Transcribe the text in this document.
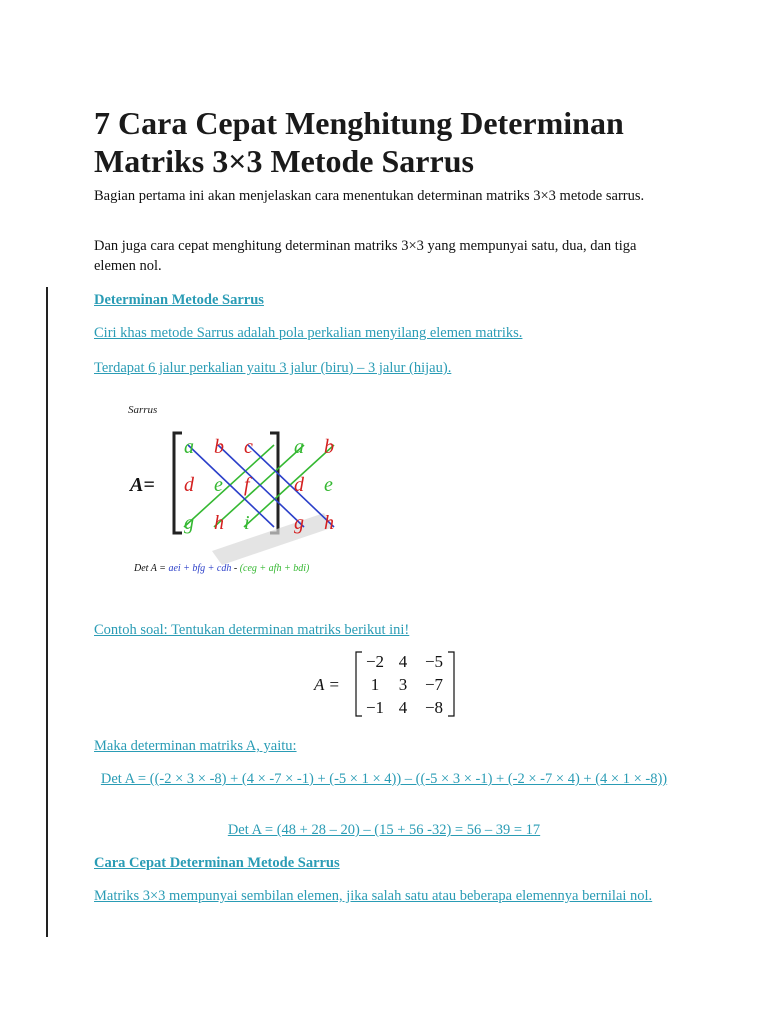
7 Cara Cepat Menghitung Determinan Matriks 3×3 Metode Sarrus

Bagian pertama ini akan menjelaskan cara menentukan determinan matriks 3×3 metode sarrus.

Dan juga cara cepat menghitung determinan matriks 3×3 yang mempunyai satu, dua, dan tiga elemen nol.

Determinan Metode Sarrus

Ciri khas metode Sarrus adalah pola perkalian menyilang elemen matriks.

Terdapat 6 jalur perkalian yaitu 3 jalur (biru) – 3 jalur (hijau).

Sarrus
A=
a b c a b
d e f d e
g h i g h
Det A = aei + bfg + cdh - (ceg + afh + bdi)

Contoh soal: Tentukan determinan matriks berikut ini!

A =
−2 4 −5
1 3 −7
−1 4 −8

Maka determinan matriks A, yaitu:

Det A = ((-2 × 3 × -8) + (4 × -7 × -1) + (-5 × 1 × 4)) – ((-5 × 3 × -1) + (-2 × -7 × 4) + (4 × 1 × -8))

Det A = (48 + 28 – 20) – (15 + 56 -32) = 56 – 39 = 17

Cara Cepat Determinan Metode Sarrus

Matriks 3×3 mempunyai sembilan elemen, jika salah satu atau beberapa elemennya bernilai nol.
